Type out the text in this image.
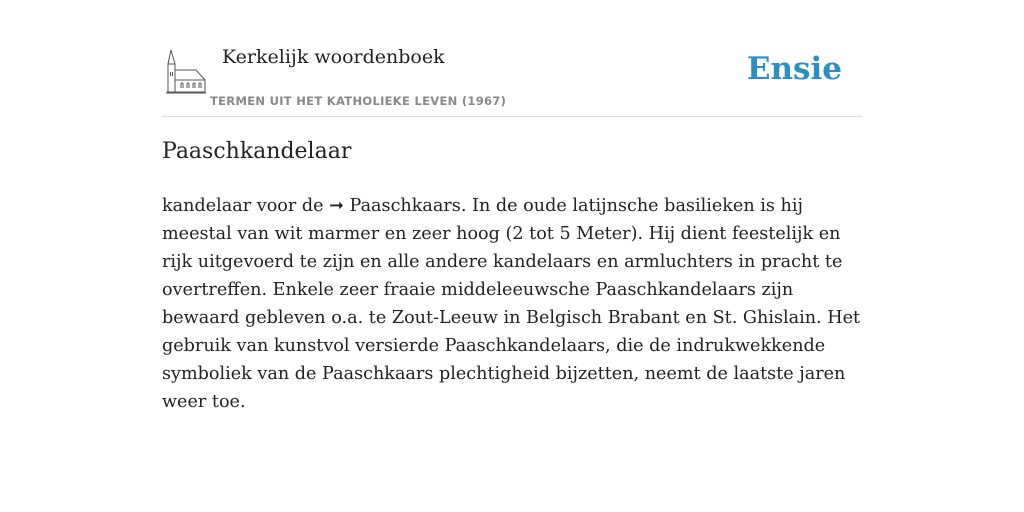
Kerkelijk woordenboek
TERMEN UIT HET KATHOLIEKE LEVEN (1967)
Ensie
Paaschkandelaar

kandelaar voor de ➞ Paaschkaars. In de oude latijnsche basilieken is hij meestal van wit marmer en zeer hoog (2 tot 5 Meter). Hij dient feestelijk en rijk uitgevoerd te zijn en alle andere kandelaars en armluchters in pracht te overtreffen. Enkele zeer fraaie middeleeuwsche Paaschkandelaars zijn bewaard gebleven o.a. te Zout-Leeuw in Belgisch Brabant en St. Ghislain. Het gebruik van kunstvol versierde Paaschkandelaars, die de indrukwekkende symboliek van de Paaschkaars plechtigheid bijzetten, neemt de laatste jaren weer toe.
